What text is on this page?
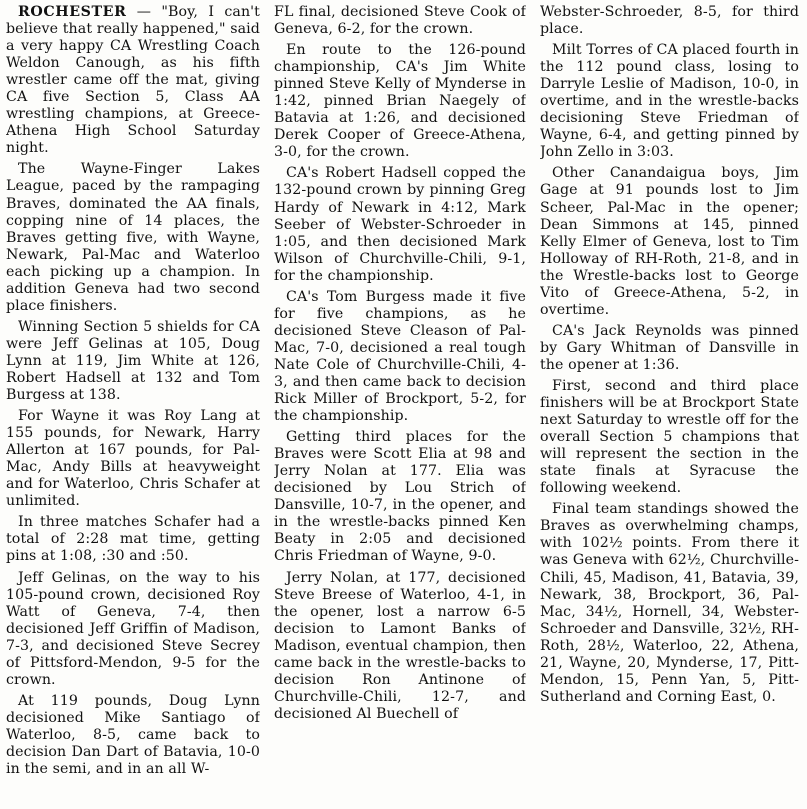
ROCHESTER — "Boy, I can't believe that really happened," said a very happy CA Wrestling Coach Weldon Canough, as his fifth wrestler came off the mat, giving CA five Section 5, Class AA wrestling champions, at Greece-Athena High School Saturday night.

The Wayne-Finger Lakes League, paced by the rampaging Braves, dominated the AA finals, copping nine of 14 places, the Braves getting five, with Wayne, Newark, Pal-Mac and Waterloo each picking up a champion. In addition Geneva had two second place finishers.

Winning Section 5 shields for CA were Jeff Gelinas at 105, Doug Lynn at 119, Jim White at 126, Robert Hadsell at 132 and Tom Burgess at 138.

For Wayne it was Roy Lang at 155 pounds, for Newark, Harry Allerton at 167 pounds, for Pal-Mac, Andy Bills at heavyweight and for Waterloo, Chris Schafer at unlimited.

In three matches Schafer had a total of 2:28 mat time, getting pins at 1:08, :30 and :50.

Jeff Gelinas, on the way to his 105-pound crown, decisioned Roy Watt of Geneva, 7-4, then decisioned Jeff Griffin of Madison, 7-3, and decisioned Steve Secrey of Pittsford-Mendon, 9-5 for the crown.

At 119 pounds, Doug Lynn decisioned Mike Santiago of Waterloo, 8-5, came back to decision Dan Dart of Batavia, 10-0 in the semi, and in an all W-

FL final, decisioned Steve Cook of Geneva, 6-2, for the crown.

En route to the 126-pound championship, CA's Jim White pinned Steve Kelly of Mynderse in 1:42, pinned Brian Naegely of Batavia at 1:26, and decisioned Derek Cooper of Greece-Athena, 3-0, for the crown.

CA's Robert Hadsell copped the 132-pound crown by pinning Greg Hardy of Newark in 4:12, Mark Seeber of Webster-Schroeder in 1:05, and then decisioned Mark Wilson of Churchville-Chili, 9-1, for the championship.

CA's Tom Burgess made it five for five champions, as he decisioned Steve Cleason of Pal-Mac, 7-0, decisioned a real tough Nate Cole of Churchville-Chili, 4-3, and then came back to decision Rick Miller of Brockport, 5-2, for the championship.

Getting third places for the Braves were Scott Elia at 98 and Jerry Nolan at 177. Elia was decisioned by Lou Strich of Dansville, 10-7, in the opener, and in the wrestle-backs pinned Ken Beaty in 2:05 and decisioned Chris Friedman of Wayne, 9-0.

Jerry Nolan, at 177, decisioned Steve Breese of Waterloo, 4-1, in the opener, lost a narrow 6-5 decision to Lamont Banks of Madison, eventual champion, then came back in the wrestle-backs to decision Ron Antinone of Churchville-Chili, 12-7, and decisioned Al Buechell of

Webster-Schroeder, 8-5, for third place.

Milt Torres of CA placed fourth in the 112 pound class, losing to Darryle Leslie of Madison, 10-0, in overtime, and in the wrestle-backs decisioning Steve Friedman of Wayne, 6-4, and getting pinned by John Zello in 3:03.

Other Canandaigua boys, Jim Gage at 91 pounds lost to Jim Scheer, Pal-Mac in the opener; Dean Simmons at 145, pinned Kelly Elmer of Geneva, lost to Tim Holloway of RH-Roth, 21-8, and in the Wrestle-backs lost to George Vito of Greece-Athena, 5-2, in overtime.

CA's Jack Reynolds was pinned by Gary Whitman of Dansville in the opener at 1:36.

First, second and third place finishers will be at Brockport State next Saturday to wrestle off for the overall Section 5 champions that will represent the section in the state finals at Syracuse the following weekend.

Final team standings showed the Braves as overwhelming champs, with 102½ points. From there it was Geneva with 62½, Churchville-Chili, 45, Madison, 41, Batavia, 39, Newark, 38, Brockport, 36, Pal-Mac, 34½, Hornell, 34, Webster-Schroeder and Dansville, 32½, RH-Roth, 28½, Waterloo, 22, Athena, 21, Wayne, 20, Mynderse, 17, Pitt-Mendon, 15, Penn Yan, 5, Pitt-Sutherland and Corning East, 0.
